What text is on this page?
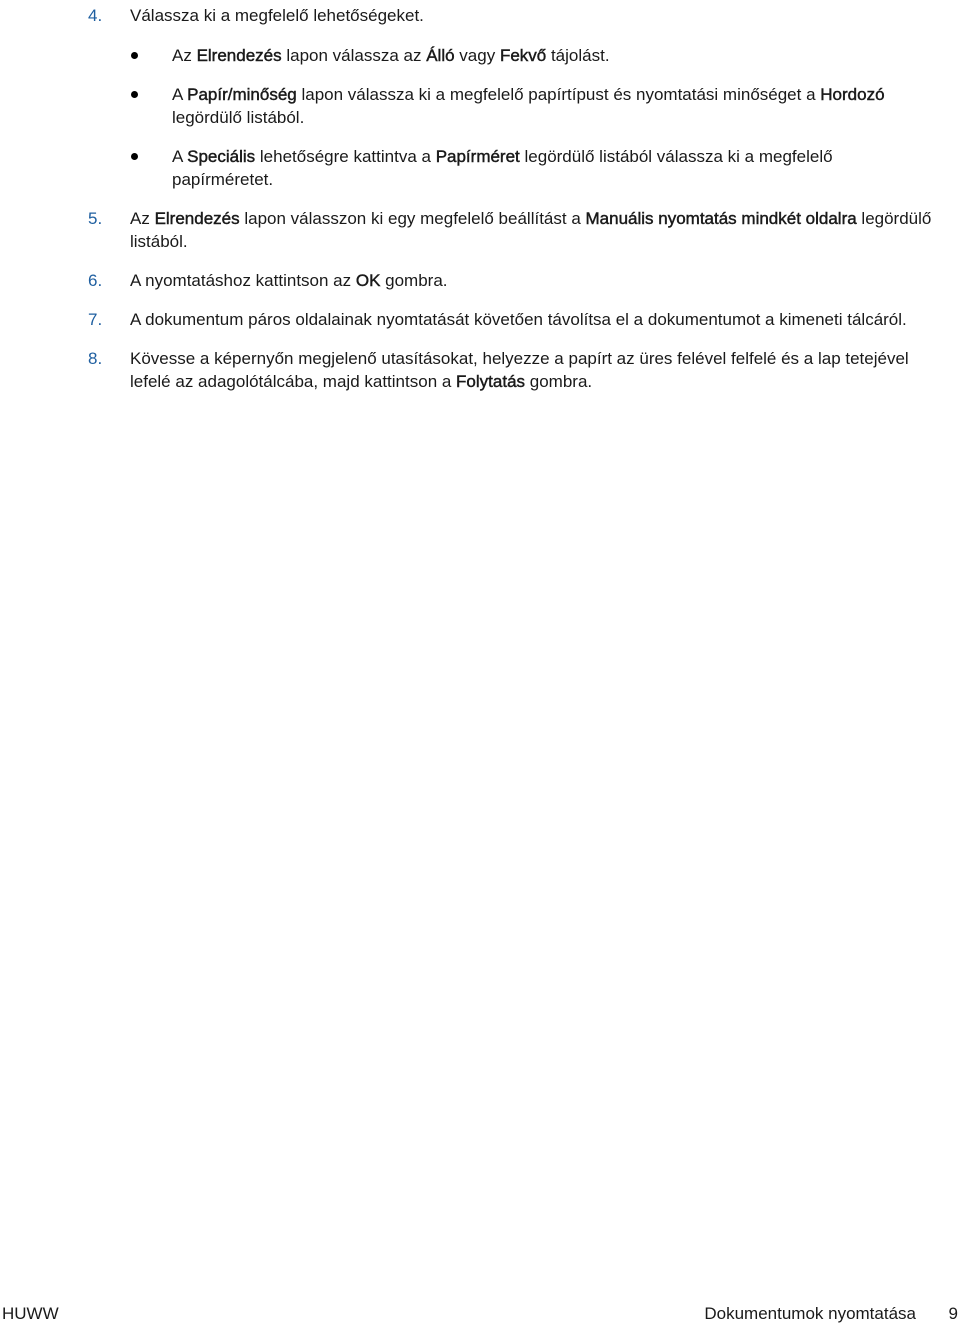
4. Válassza ki a megfelelő lehetőségeket.
Az Elrendezés lapon válassza az Álló vagy Fekvő tájolást.
A Papír/minőség lapon válassza ki a megfelelő papírtípust és nyomtatási minőséget a Hordozó legördülő listából.
A Speciális lehetőségre kattintva a Papírméret legördülő listából válassza ki a megfelelő papírméretet.
5. Az Elrendezés lapon válasszon ki egy megfelelő beállítást a Manuális nyomtatás mindkét oldalra legördülő listából.
6. A nyomtatáshoz kattintson az OK gombra.
7. A dokumentum páros oldalainak nyomtatását követően távolítsa el a dokumentumot a kimeneti tálcáról.
8. Kövesse a képernyőn megjelenő utasításokat, helyezze a papírt az üres felével felfelé és a lap tetejével lefelé az adagolótálcába, majd kattintson a Folytatás gombra.
HUWW	Dokumentumok nyomtatása 9
